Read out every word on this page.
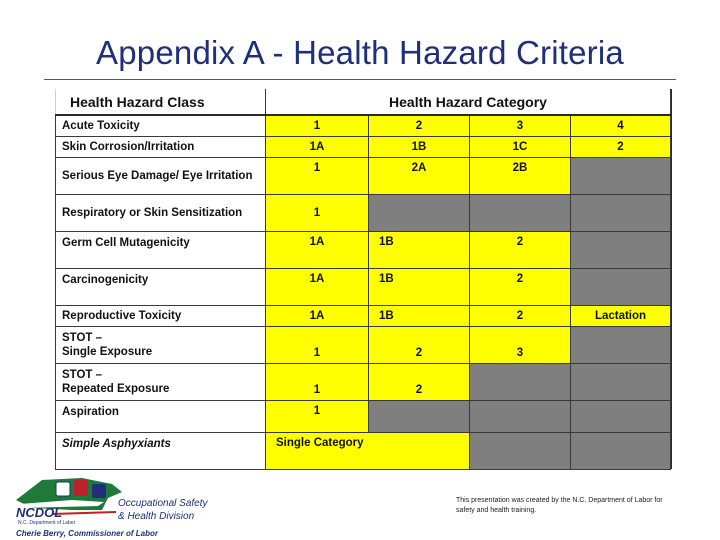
Appendix A - Health Hazard Criteria
Health Hazard Class	Health Hazard Category			
Acute Toxicity	1	2	3	4
Skin Corrosion/Irritation	1A	1B	1C	2
Serious Eye Damage/ Eye Irritation	1	2A	2B	
Respiratory or Skin Sensitization	1			
Germ Cell Mutagenicity	1A	1B	2	
Carcinogenicity	1A	1B	2	
Reproductive Toxicity	1A	1B	2	Lactation

STOT –
Single Exposure	1	2	3	

STOT –
Repeated Exposure	1	2		
Aspiration	1			
Simple Asphyxiants	Single Category			
NCDOL
N.C. Department of Labor
Occupational Safety
& Health Division
Cherie Berry, Commissioner of Labor
This presentation was created by the N.C. Department of Labor for safety and health training.
